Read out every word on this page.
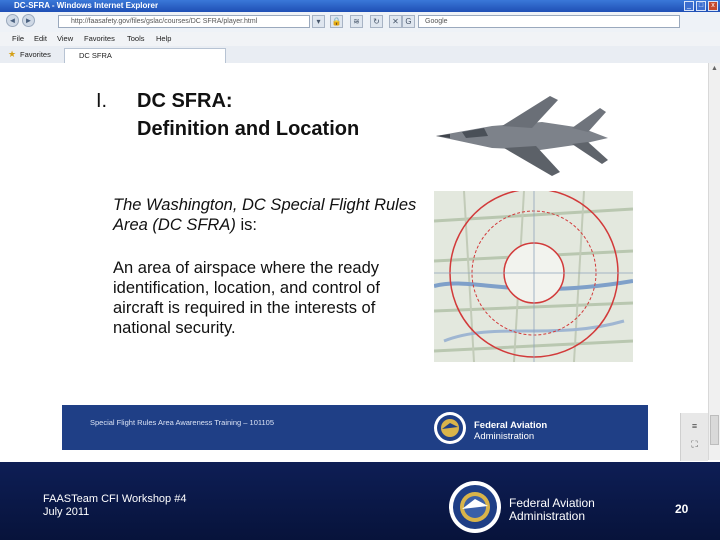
DC-SFRA - Windows Internet Explorer	_	□	x
◄	►	http://faasafety.gov/files/gslac/courses/DC SFRA/player.html	▾	🔒	≋	↻	✕ G	Google
File Edit View Favorites Tools Help
★ Favorites	DC SFRA
I. DC SFRA:
Definition and Location
The Washington, DC Special Flight Rules Area (DC SFRA) is:
An area of airspace where the ready identification, location, and control of aircraft is required in the interests of national security.
Special Flight Rules Area Awareness Training – 101105	Federal Aviation
Administration
▲
≡
⛶
FAASTeam CFI Workshop #4
July 2011
Federal Aviation
Administration	20
